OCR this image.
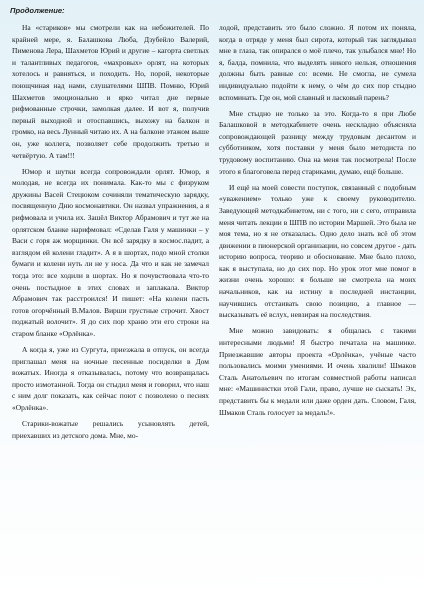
Продолжение:

На «стариков» мы смотрели как на небожителей. По крайней мере, я. Балашкова Люба, Дзубейло Валерий, Пименова Лера, Шахметов Юрий и другие – кагорта светлых и талантливых педагогов, «махровых» орлят, на которых хотелось и равняться, и походить. Но, порой, некоторые поющчиная над нами, слушателями ШПВ. Помню, Юрий Шахметов эмоционально и ярко читал дне первые рифмованные строчки, замолкая далее. И вот я, получив первый выходной и отоспавшись, выхожу на балкон и громко, на весь Лунный читаю их. А на балконе этажом выше он, уже коллега, позволяет себе продолжить третью и четвёртую. А там!!!

Юмор и шутки всегда сопровождали орлят. Юмор, я молодая, не всегда их понимала. Как-то мы с физруком дружины Васей Стецюком сочиняли тематическую зарядку, посвященную Дню космонавтики. Он назвал упражнения, а я рифмовала и учила их. Зашёл Виктор Абрамович и тут же на орлятском бланке нарифмовал: «Сделав Галя у машинки – у Васи с горя аж морщинки. Он всё зарядку в космос.падит, а взглядом ей колени гладит». А я в шортах, подо мной столки бумаги и колени нуть ли не у носа. Да что и как не замечал тогда это: все ходили в шортах. Но я почувствовала что-то очень постыдное в этих словах и заплакала. Виктор Абрамович так расстроился! И пишет: «На колени пасть готов огорчённый В.Малов. Вирши грустные строчит. Хвост поджатый волочит». Я до сих пор храню эти его строки на старом бланке «Орлёнка».

А когда я, уже из Сургута, приезжала в отпуск, он всегда приглашал меня на ночные песенные посиделки в Дом вожатых. Иногда я отказывалась, потому что возвращалась просто измотанной. Тогда он стыдил меня и говорил, что наш с ним долг показать, как сейчас поют с позволено о песнях «Орлёнка».

Старики-вожатые решались усыновлять детей, приехавших из детского дома. Мне, мо-

лодой, представить это было сложно. Я потом их поняла, когда в отряде у меня был сирота, который так заглядывал мне в глаза, так опирался о моё плечо, так улыбался мне! Но я, балда, помнила, что выделять никого нельзя, отношения должны быть равные со: всеми. Не смогла, не сумела индивидуально подойти к нему, о чём до сих пор стыдно вспоминать. Где он, мой славный и ласковый парень?

Мне стыдно не только за это. Когда-то я при Любе Балашковой в методкабинете очень нескладно объясняла сопровождающей разницу между трудовым десантом и субботником, хотя поставки у меня было методиста по трудовому воспитанию. Она на меня так посмотрела! После этого я благоговела перед стариками, думаю, ещё больше.

И ещё на моей совести поступок, связанный с подобным «уважением» только уже к своему руководителю. Заведующей методкабинетом, ни с того, ни с сего, отправила меня читать лекции в ШПВ по истории Маршей. Это была не моя тема, но я не отказалась. Одно дело знать всё об этом движении в пионерской организации, но совсем другое - дать историю вопроса, теорию и обоснование. Мне было плохо, как я выступала, но до сих пор. Но урок этот мне помог в жизни очень хорошо: я больше не смотрела на моих начальников, как на истину в последней инстанции, научившись отстаивать свою позицию, а главное — высказывать её вслух, невзирая на последствия.

Мне можно завидовать: я общалась с такими интересными людьми! Я быстро печатала на машинке. Приезжавшие авторы проекта «Орлёнка», учёные часто пользовались моими умениями. И очень хвалили! Шмаков Сталь Анатольевич по итогам совместной работы написал мне: «Машинистки этой Гали, право, лучше не сыскать! Эх, представить бы к медали или даже орден дать. Словом, Галя, Шмаков Сталь голосует за медаль!».
